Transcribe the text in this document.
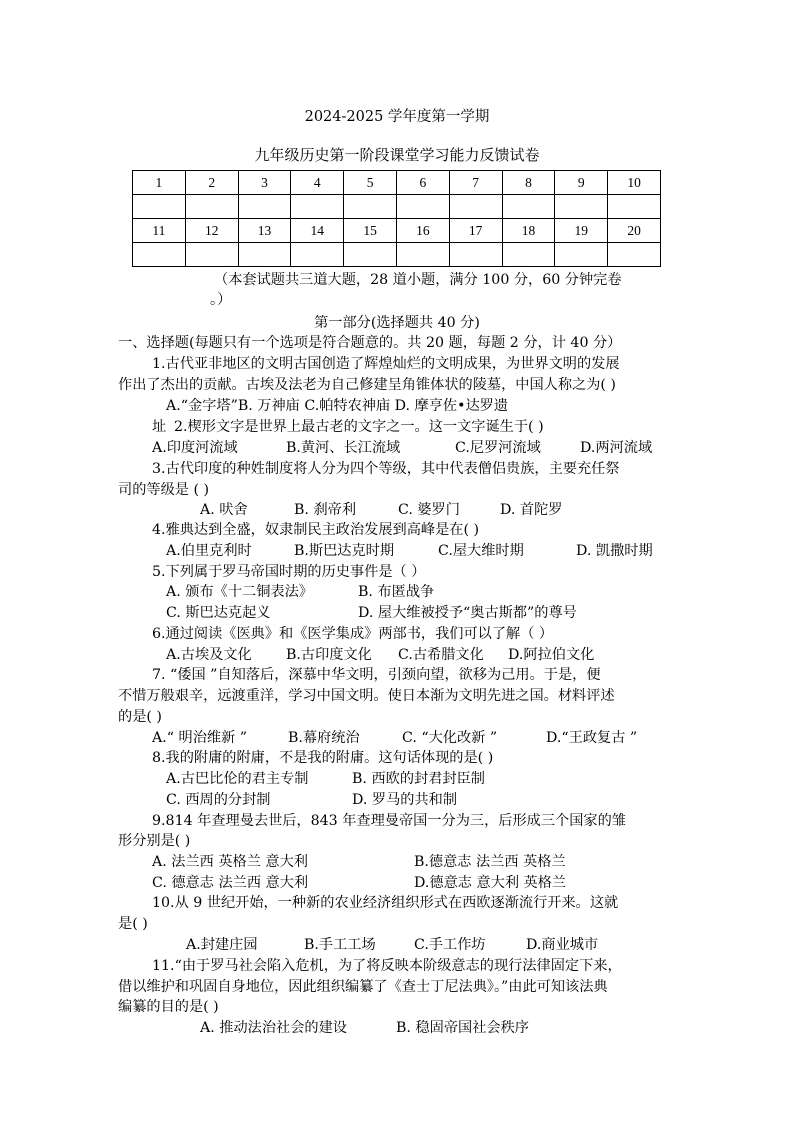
2024-2025 学年度第一学期
九年级历史第一阶段课堂学习能力反馈试卷
1	2	3	4	5	6	7	8	9	10

11	12	13	14	15	16	17	18	19	20

（本套试题共三道大题，28 道小题，满分 100 分，60 分钟完卷
。）
第一部分(选择题共 40 分)
一、选择题(每题只有一个选项是符合题意的。共 20 题，每题 2 分，计 40 分）
1.古代亚非地区的文明古国创造了辉煌灿烂的文明成果，为世界文明的发展
作出了杰出的贡献。古埃及法老为自己修建呈角锥体状的陵墓，中国人称之为( )
A.“金字塔”B. 万神庙 C.帕特农神庙 D. 摩亨佐•达罗遗
址 2.楔形文字是世界上最古老的文字之一。这一文字诞生于( )
A.印度河流域	B.黄河、长江流域	C.尼罗河流域	D.两河流域
3.古代印度的种姓制度将人分为四个等级，其中代表僧侣贵族，主要充任祭
司的等级是 ( )
A. 吠舍	B. 刹帝利	C. 婆罗门	D. 首陀罗
4.雅典达到全盛，奴隶制民主政治发展到高峰是在( )
A.伯里克利时	B.斯巴达克时期	C.屋大维时期	D. 凯撒时期
5.下列属于罗马帝国时期的历史事件是（ ）
A. 颁布《十二铜表法》	B. 布匿战争
C. 斯巴达克起义	D. 屋大维被授予“奥古斯都”的尊号
6.通过阅读《医典》和《医学集成》两部书，我们可以了解（ ）
A.古埃及文化 B.古印度文化 C.古希腊文化 D.阿拉伯文化
7. “倭国 ”自知落后，深慕中华文明，引颈向望，欲移为己用。于是，便
不惜万般艰辛，远渡重洋，学习中国文明。使日本渐为文明先进之国。材料评述
的是( )
A.“ 明治维新 ”	B.幕府统治	C. “大化改新 ”	D.“王政复古 ”
8.我的附庸的附庸，不是我的附庸。这句话体现的是( )
A.古巴比伦的君主专制	B. 西欧的封君封臣制
C. 西周的分封制	D. 罗马的共和制
9.814 年查理曼去世后，843 年查理曼帝国一分为三，后形成三个国家的雏
形分别是( )
A. 法兰西 英格兰 意大利	B.德意志 法兰西 英格兰
C. 德意志 法兰西 意大利	D.德意志 意大利 英格兰
10.从 9 世纪开始，一种新的农业经济组织形式在西欧逐渐流行开来。这就
是( )
A.封建庄园	B.手工工场	C.手工作坊	D.商业城市
11.“由于罗马社会陷入危机，为了将反映本阶级意志的现行法律固定下来，
借以维护和巩固自身地位，因此组织编纂了《查士丁尼法典》。”由此可知该法典
编纂的目的是( )
A. 推动法治社会的建设	B. 稳固帝国社会秩序
